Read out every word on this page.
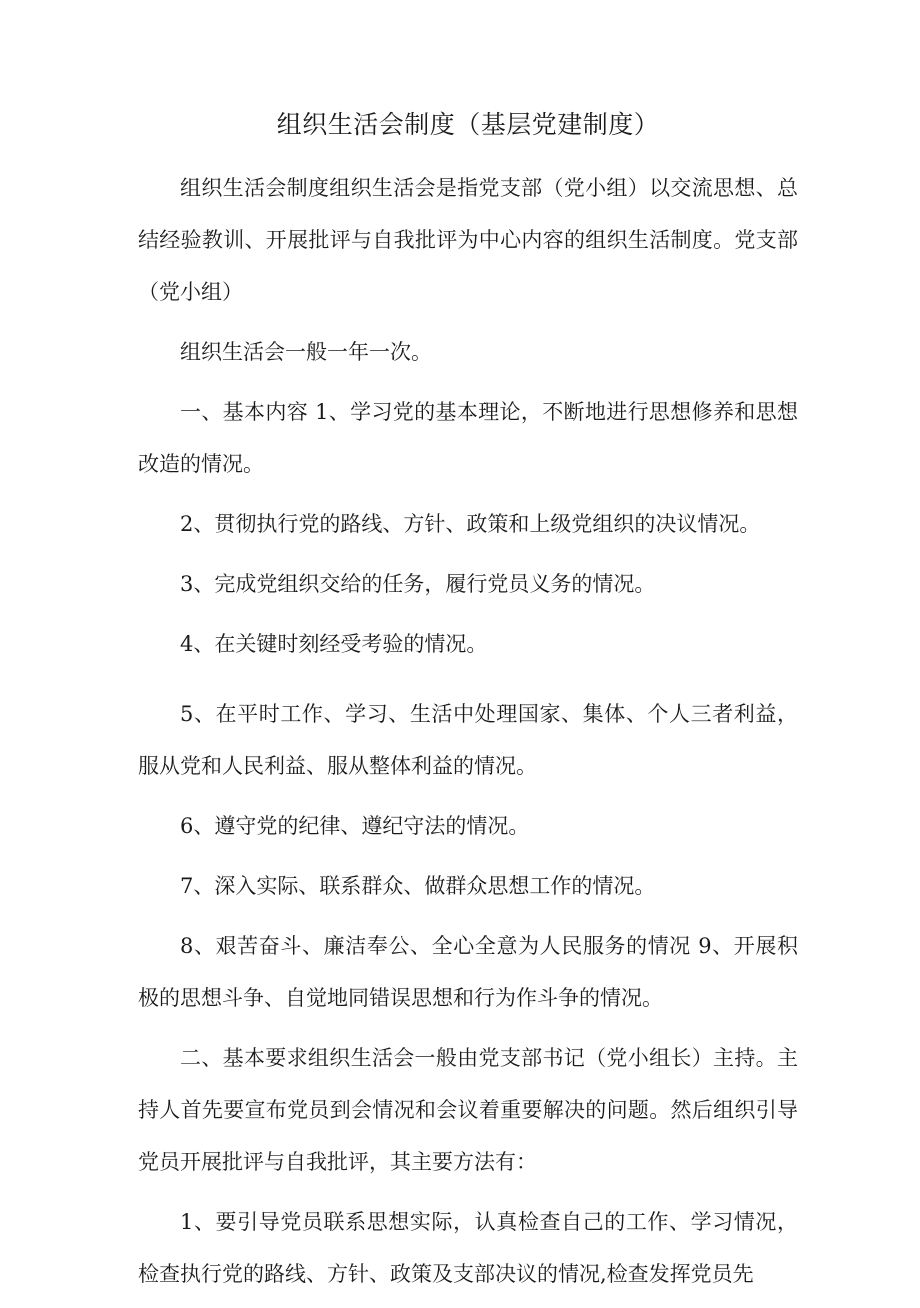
组织生活会制度（基层党建制度）

组织生活会制度组织生活会是指党支部（党小组）以交流思想、总结经验教训、开展批评与自我批评为中心内容的组织生活制度。党支部（党小组）

组织生活会一般一年一次。

一、基本内容 1、学习党的基本理论，不断地进行思想修养和思想改造的情况。

2、贯彻执行党的路线、方针、政策和上级党组织的决议情况。

3、完成党组织交给的任务，履行党员义务的情况。

4、在关键时刻经受考验的情况。

5、在平时工作、学习、生活中处理国家、集体、个人三者利益，服从党和人民利益、服从整体利益的情况。

6、遵守党的纪律、遵纪守法的情况。

7、深入实际、联系群众、做群众思想工作的情况。

8、艰苦奋斗、廉洁奉公、全心全意为人民服务的情况 9、开展积极的思想斗争、自觉地同错误思想和行为作斗争的情况。

二、基本要求组织生活会一般由党支部书记（党小组长）主持。主持人首先要宣布党员到会情况和会议着重要解决的问题。然后组织引导党员开展批评与自我批评，其主要方法有：

1、要引导党员联系思想实际，认真检查自己的工作、学习情况，检查执行党的路线、方针、政策及支部决议的情况,检查发挥党员先
